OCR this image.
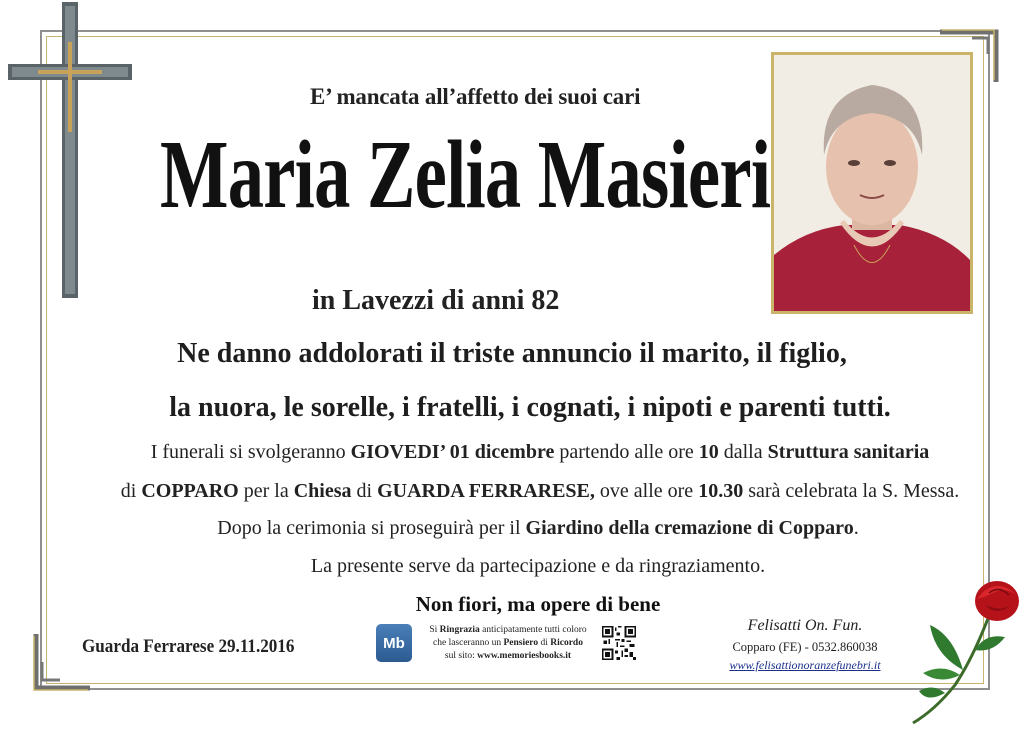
E’ mancata all’affetto dei suoi cari
Maria Zelia Masieri
in Lavezzi di anni 82
Ne danno addolorati il triste annuncio il marito, il figlio,
la nuora, le sorelle, i fratelli, i cognati, i nipoti e parenti tutti.
I funerali si svolgeranno GIOVEDI’ 01 dicembre partendo alle ore 10 dalla Struttura sanitaria
di COPPARO per la Chiesa di GUARDA FERRARESE, ove alle ore 10.30 sarà celebrata la S. Messa.
Dopo la cerimonia si proseguirà per il Giardino della cremazione di Copparo.
La presente serve da partecipazione e da ringraziamento.
Non fiori, ma opere di bene
Guarda Ferrarese 29.11.2016	Mb
Si Ringrazia anticipatamente tutti coloro
che lasceranno un Pensiero di Ricordo
sul sito: www.memoriesbooks.it
Felisatti On. Fun.
Copparo (FE) - 0532.860038
www.felisattionoranzefunebri.it
